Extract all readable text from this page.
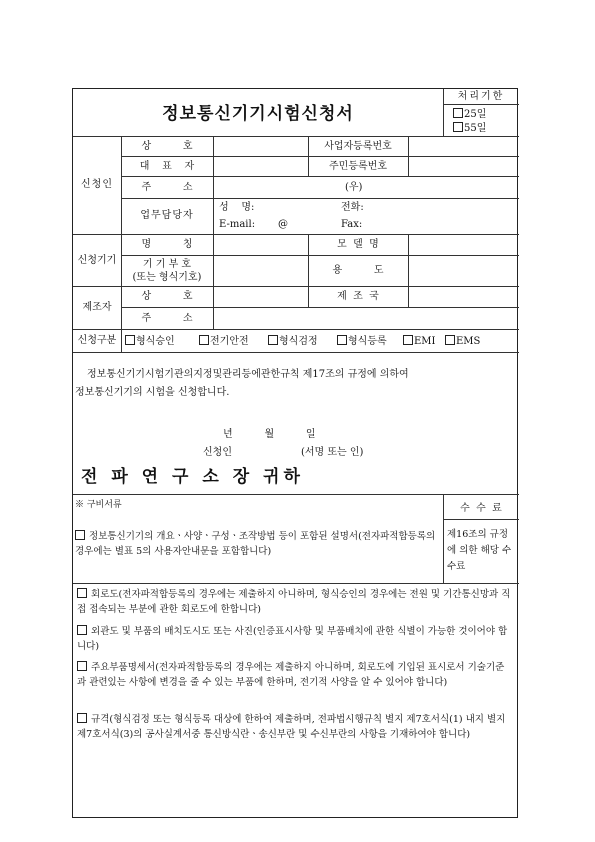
정보통신기기시험신청서
처리기한
25일
55일
신청인
상          호	사업자등록번호
대    표    자	주민등록번호
주          소	(우)
업무담당자
성    명:	전화:
E-mail: @	Fax:
신청기기
명          칭	모  델  명
기 기 부 호
(또는 형식기호)
용          도
제조자
상          호	제  조  국
주          소
신청구분	형식승인	전기안전	형식검정	형식등록	EMI	EMS
정보통신기기시험기관의지정및관리등에관한규칙 제17조의 규정에 의하여
정보통신기기의 시험을 신청합니다.
년          월          일
신청인	(서명 또는 인)
전 파 연 구 소 장 귀하
※ 구비서류	수  수  료
제16조의 규정에 의한 해당 수수료
정보통신기기의 개요ㆍ사양ㆍ구성ㆍ조작방법 등이 포함된 설명서(전자파적합등록의 경우에는 별표 5의 사용자안내문을 포함합니다)
회로도(전자파적합등록의 경우에는 제출하지 아니하며, 형식승인의 경우에는 전원 및 기간통신망과 직접 접속되는 부분에 관한 회로도에 한합니다)
외관도 및 부품의 배치도시도 또는 사진(인증표시사항 및 부품배치에 관한 식별이 가능한 것이어야 합니다)
주요부품명세서(전자파적합등록의 경우에는 제출하지 아니하며, 회로도에 기입된 표시로서 기술기준과 관련있는 사항에 변경을 줄 수 있는 부품에 한하며, 전기적 사양을 알 수 있어야 합니다)
규격(형식검정 또는 형식등록 대상에 한하여 제출하며, 전파법시행규칙 별지 제7호서식(1) 내지 별지 제7호서식(3)의 공사실계서중 통신방식란ㆍ송신부란 및 수신부란의 사항을 기재하여야 합니다)
